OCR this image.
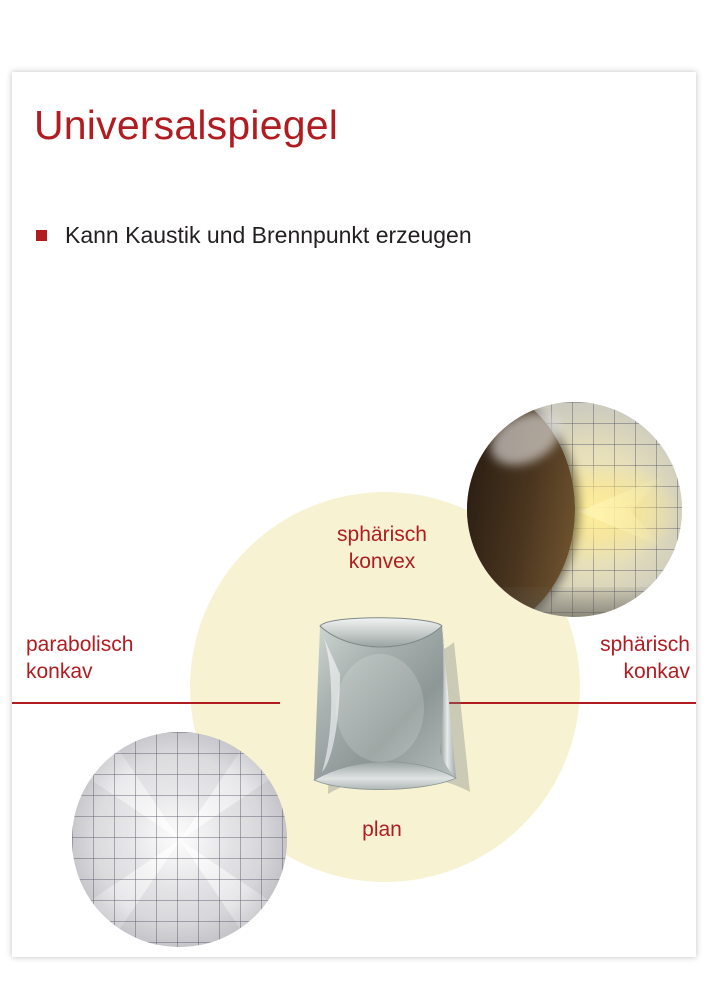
Universalspiegel
Kann Kaustik und Brennpunkt erzeugen
parabolisch
konkav
sphärisch
konkav
sphärisch
konvex
plan
